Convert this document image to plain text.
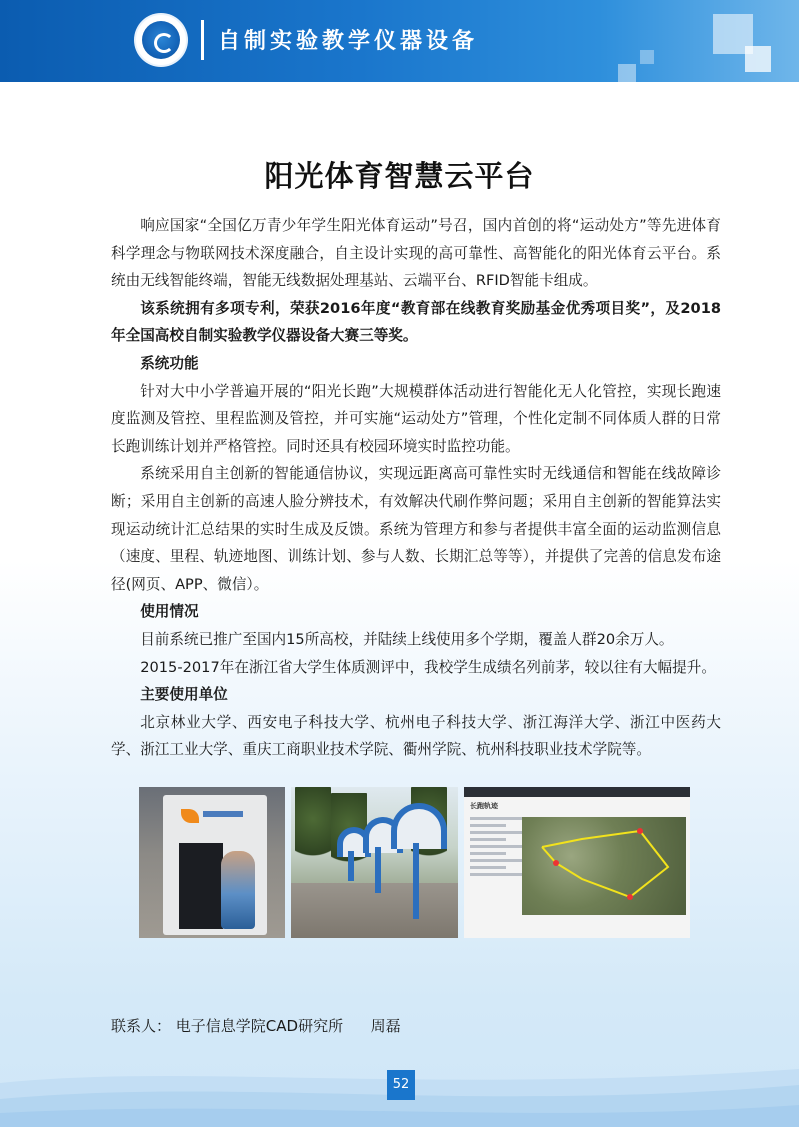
自制实验教学仪器设备
阳光体育智慧云平台

响应国家“全国亿万青少年学生阳光体育运动”号召，国内首创的将“运动处方”等先进体育科学理念与物联网技术深度融合，自主设计实现的高可靠性、高智能化的阳光体育云平台。系统由无线智能终端，智能无线数据处理基站、云端平台、RFID智能卡组成。

该系统拥有多项专利，荣获2016年度“教育部在线教育奖励基金优秀项目奖”，及2018年全国高校自制实验教学仪器设备大赛三等奖。

系统功能

针对大中小学普遍开展的“阳光长跑”大规模群体活动进行智能化无人化管控，实现长跑速度监测及管控、里程监测及管控，并可实施“运动处方”管理，个性化定制不同体质人群的日常长跑训练计划并严格管控。同时还具有校园环境实时监控功能。

系统采用自主创新的智能通信协议，实现远距离高可靠性实时无线通信和智能在线故障诊断；采用自主创新的高速人脸分辨技术，有效解决代刷作弊问题；采用自主创新的智能算法实现运动统计汇总结果的实时生成及反馈。系统为管理方和参与者提供丰富全面的运动监测信息（速度、里程、轨迹地图、训练计划、参与人数、长期汇总等等），并提供了完善的信息发布途径(网页、APP、微信）。

使用情况

目前系统已推广至国内15所高校，并陆续上线使用多个学期，覆盖人群20余万人。

2015-2017年在浙江省大学生体质测评中，我校学生成绩名列前茅，较以往有大幅提升。

主要使用单位

北京林业大学、西安电子科技大学、杭州电子科技大学、浙江海洋大学、浙江中医药大学、浙江工业大学、重庆工商职业技术学院、衢州学院、杭州科技职业技术学院等。

长跑轨迹
联系人： 电子信息学院CAD研究所 周磊
52
